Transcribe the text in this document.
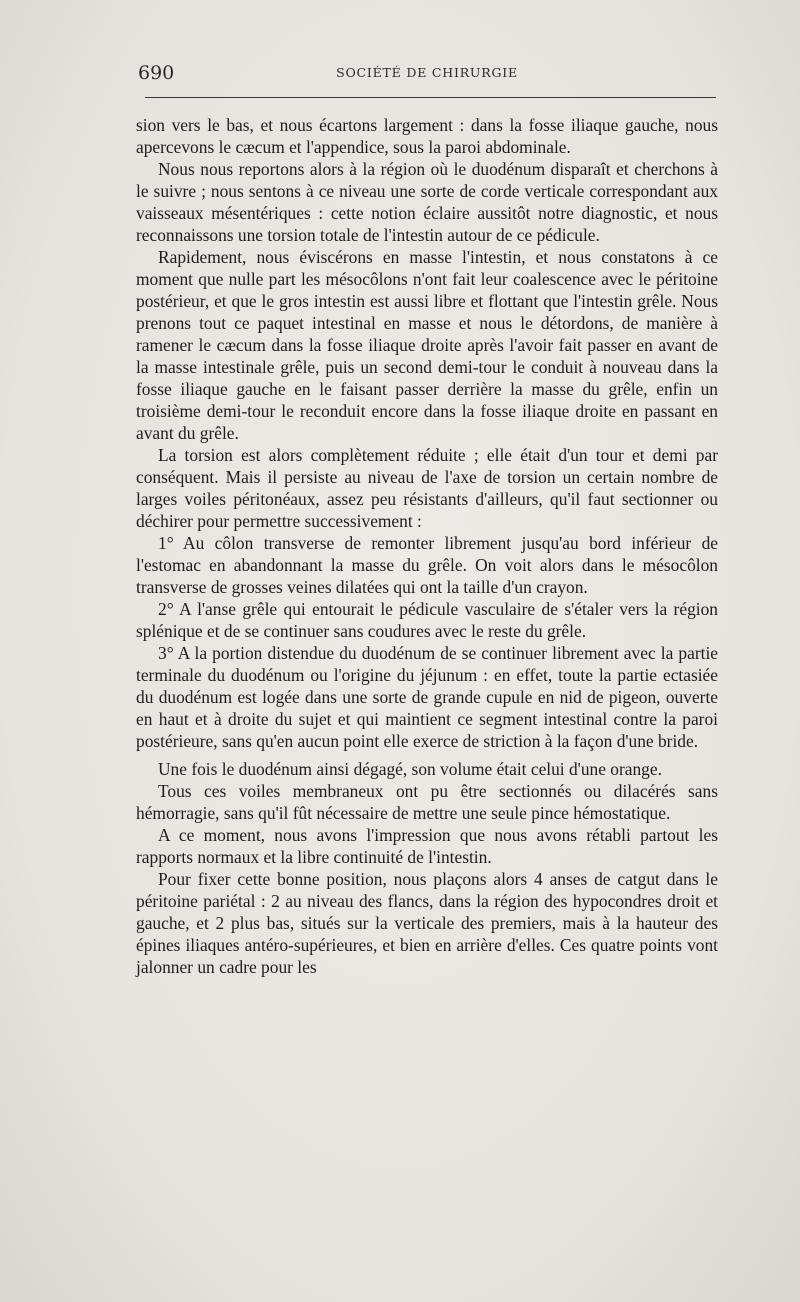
690	SOCIÉTÉ DE CHIRURGIE

sion vers le bas, et nous écartons largement : dans la fosse iliaque gauche, nous apercevons le cæcum et l'appendice, sous la paroi abdominale.

Nous nous reportons alors à la région où le duodénum disparaît et cherchons à le suivre ; nous sentons à ce niveau une sorte de corde verticale correspondant aux vaisseaux mésentériques : cette notion éclaire aussitôt notre diagnostic, et nous reconnaissons une torsion totale de l'intestin autour de ce pédicule.

Rapidement, nous éviscérons en masse l'intestin, et nous constatons à ce moment que nulle part les mésocôlons n'ont fait leur coalescence avec le péritoine postérieur, et que le gros intestin est aussi libre et flottant que l'intestin grêle. Nous prenons tout ce paquet intestinal en masse et nous le détordons, de manière à ramener le cæcum dans la fosse iliaque droite après l'avoir fait passer en avant de la masse intestinale grêle, puis un second demi-tour le conduit à nouveau dans la fosse iliaque gauche en le faisant passer derrière la masse du grêle, enfin un troisième demi-tour le reconduit encore dans la fosse iliaque droite en passant en avant du grêle.

La torsion est alors complètement réduite ; elle était d'un tour et demi par conséquent. Mais il persiste au niveau de l'axe de torsion un certain nombre de larges voiles péritonéaux, assez peu résistants d'ailleurs, qu'il faut sectionner ou déchirer pour permettre successivement :

1° Au côlon transverse de remonter librement jusqu'au bord inférieur de l'estomac en abandonnant la masse du grêle. On voit alors dans le mésocôlon transverse de grosses veines dilatées qui ont la taille d'un crayon.

2° A l'anse grêle qui entourait le pédicule vasculaire de s'étaler vers la région splénique et de se continuer sans coudures avec le reste du grêle.

3° A la portion distendue du duodénum de se continuer librement avec la partie terminale du duodénum ou l'origine du jéjunum : en effet, toute la partie ectasiée du duodénum est logée dans une sorte de grande cupule en nid de pigeon, ouverte en haut et à droite du sujet et qui maintient ce segment intestinal contre la paroi postérieure, sans qu'en aucun point elle exerce de striction à la façon d'une bride.

Une fois le duodénum ainsi dégagé, son volume était celui d'une orange.

Tous ces voiles membraneux ont pu être sectionnés ou dilacérés sans hémorragie, sans qu'il fût nécessaire de mettre une seule pince hémostatique.

A ce moment, nous avons l'impression que nous avons rétabli partout les rapports normaux et la libre continuité de l'intestin.

Pour fixer cette bonne position, nous plaçons alors 4 anses de catgut dans le péritoine pariétal : 2 au niveau des flancs, dans la région des hypocondres droit et gauche, et 2 plus bas, situés sur la verticale des premiers, mais à la hauteur des épines iliaques antéro-supérieures, et bien en arrière d'elles. Ces quatre points vont jalonner un cadre pour les
